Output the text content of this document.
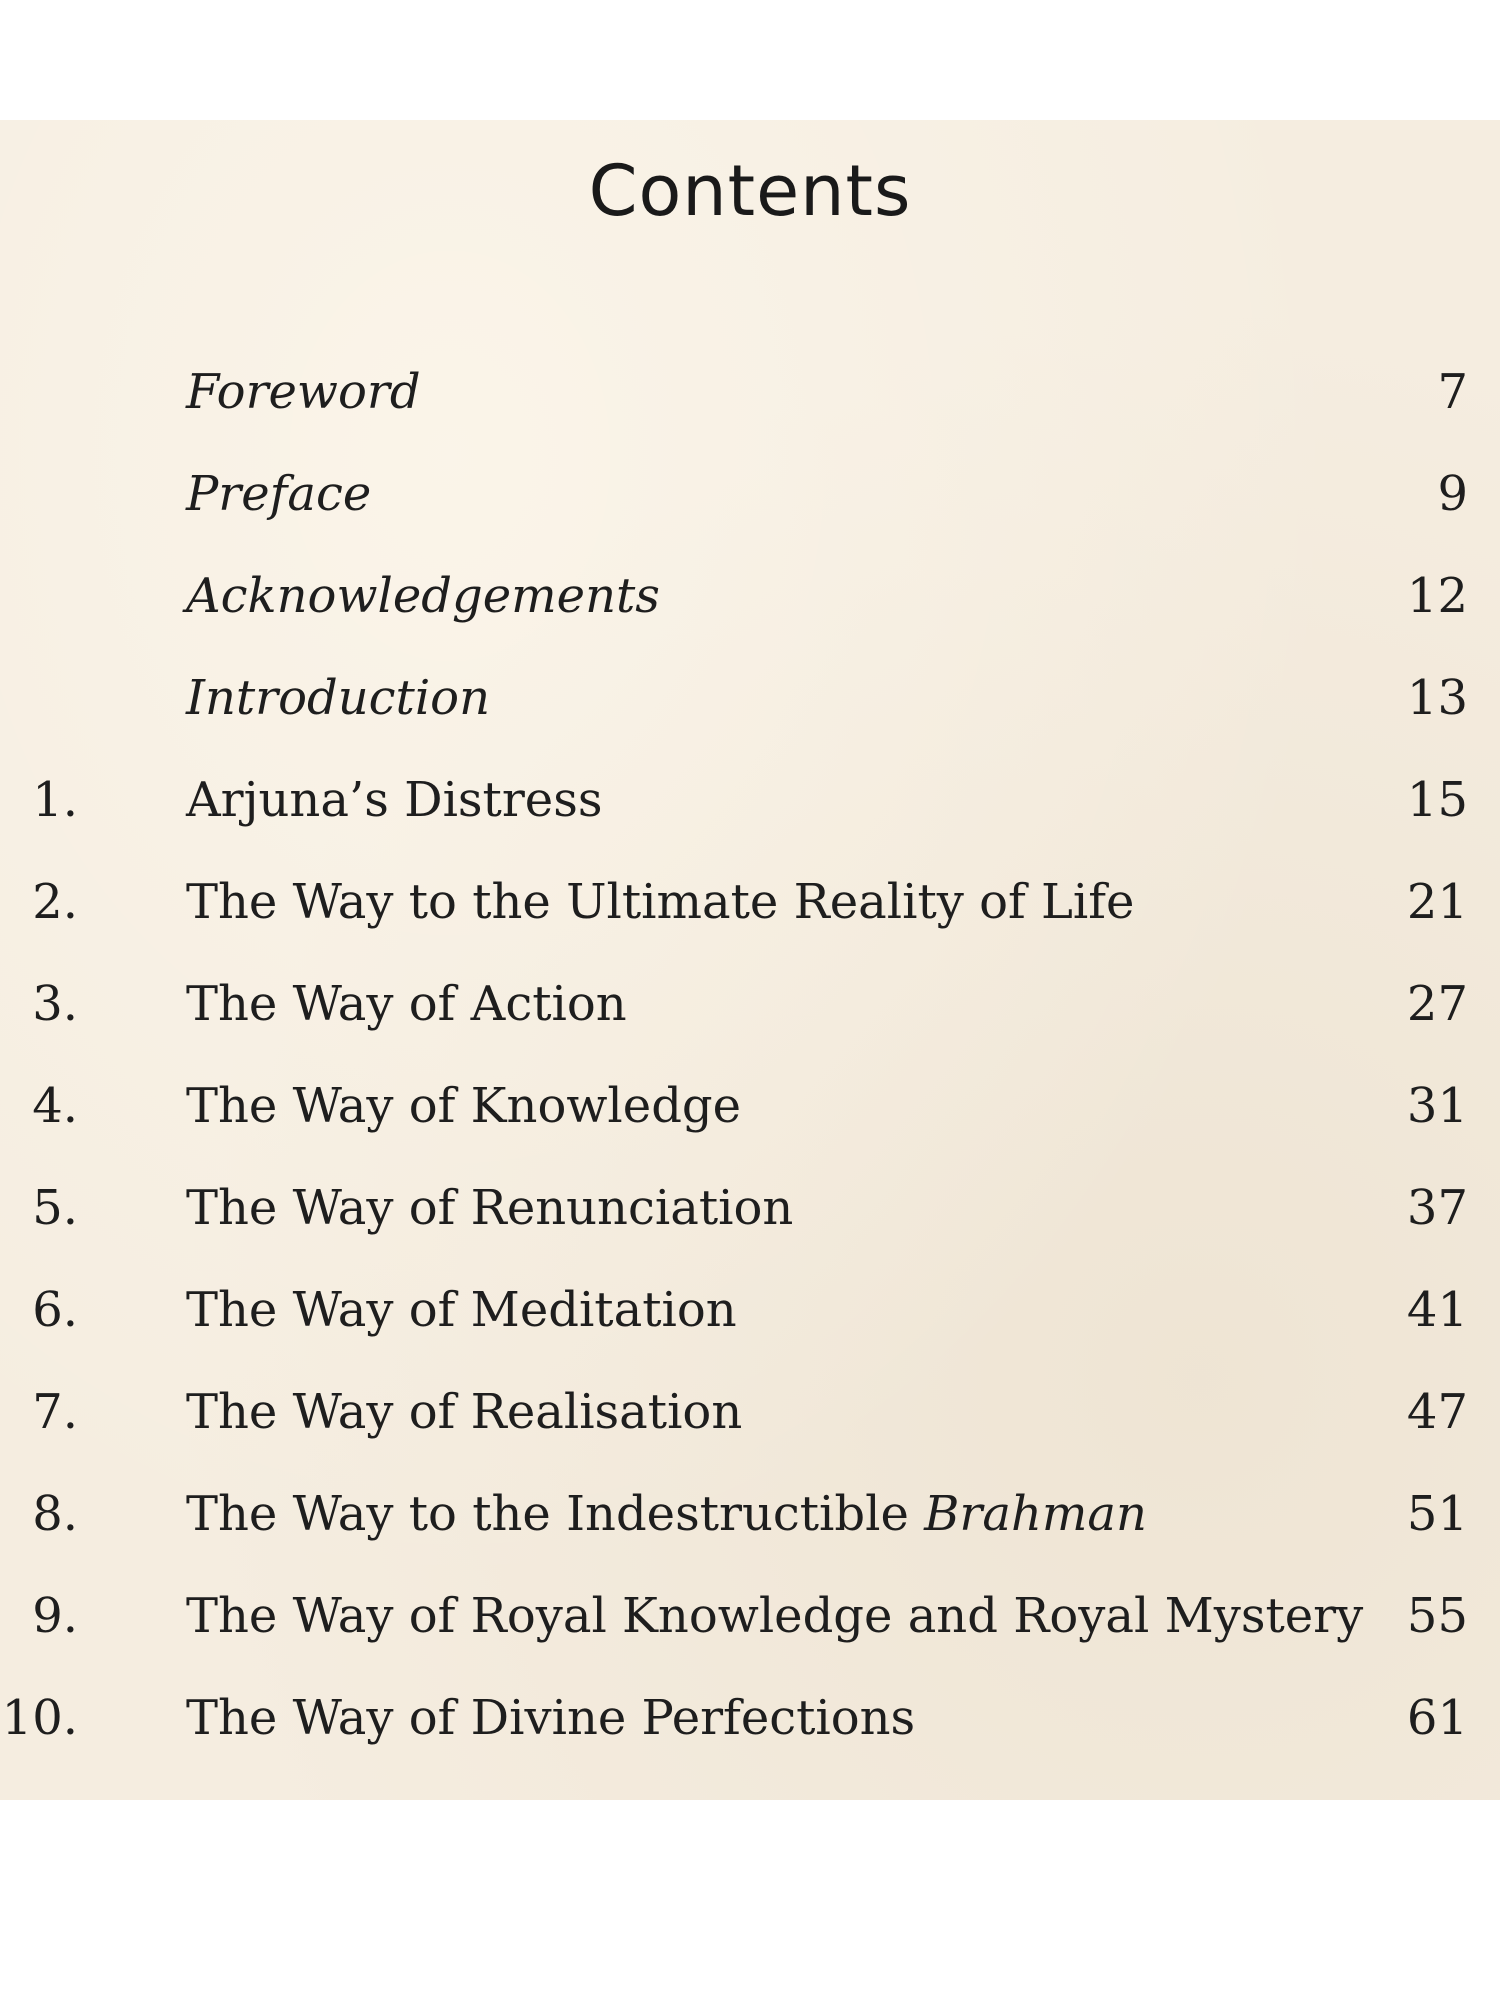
Contents
Foreword	7
Preface	9
Acknowledgements	12
Introduction	13
1. Arjuna’s Distress	15
2. The Way to the Ultimate Reality of Life	21
3. The Way of Action	27
4. The Way of Knowledge	31
5. The Way of Renunciation	37
6. The Way of Meditation	41
7. The Way of Realisation	47
8. The Way to the Indestructible Brahman	51
9. The Way of Royal Knowledge and Royal Mystery 55
10. The Way of Divine Perfections	61
